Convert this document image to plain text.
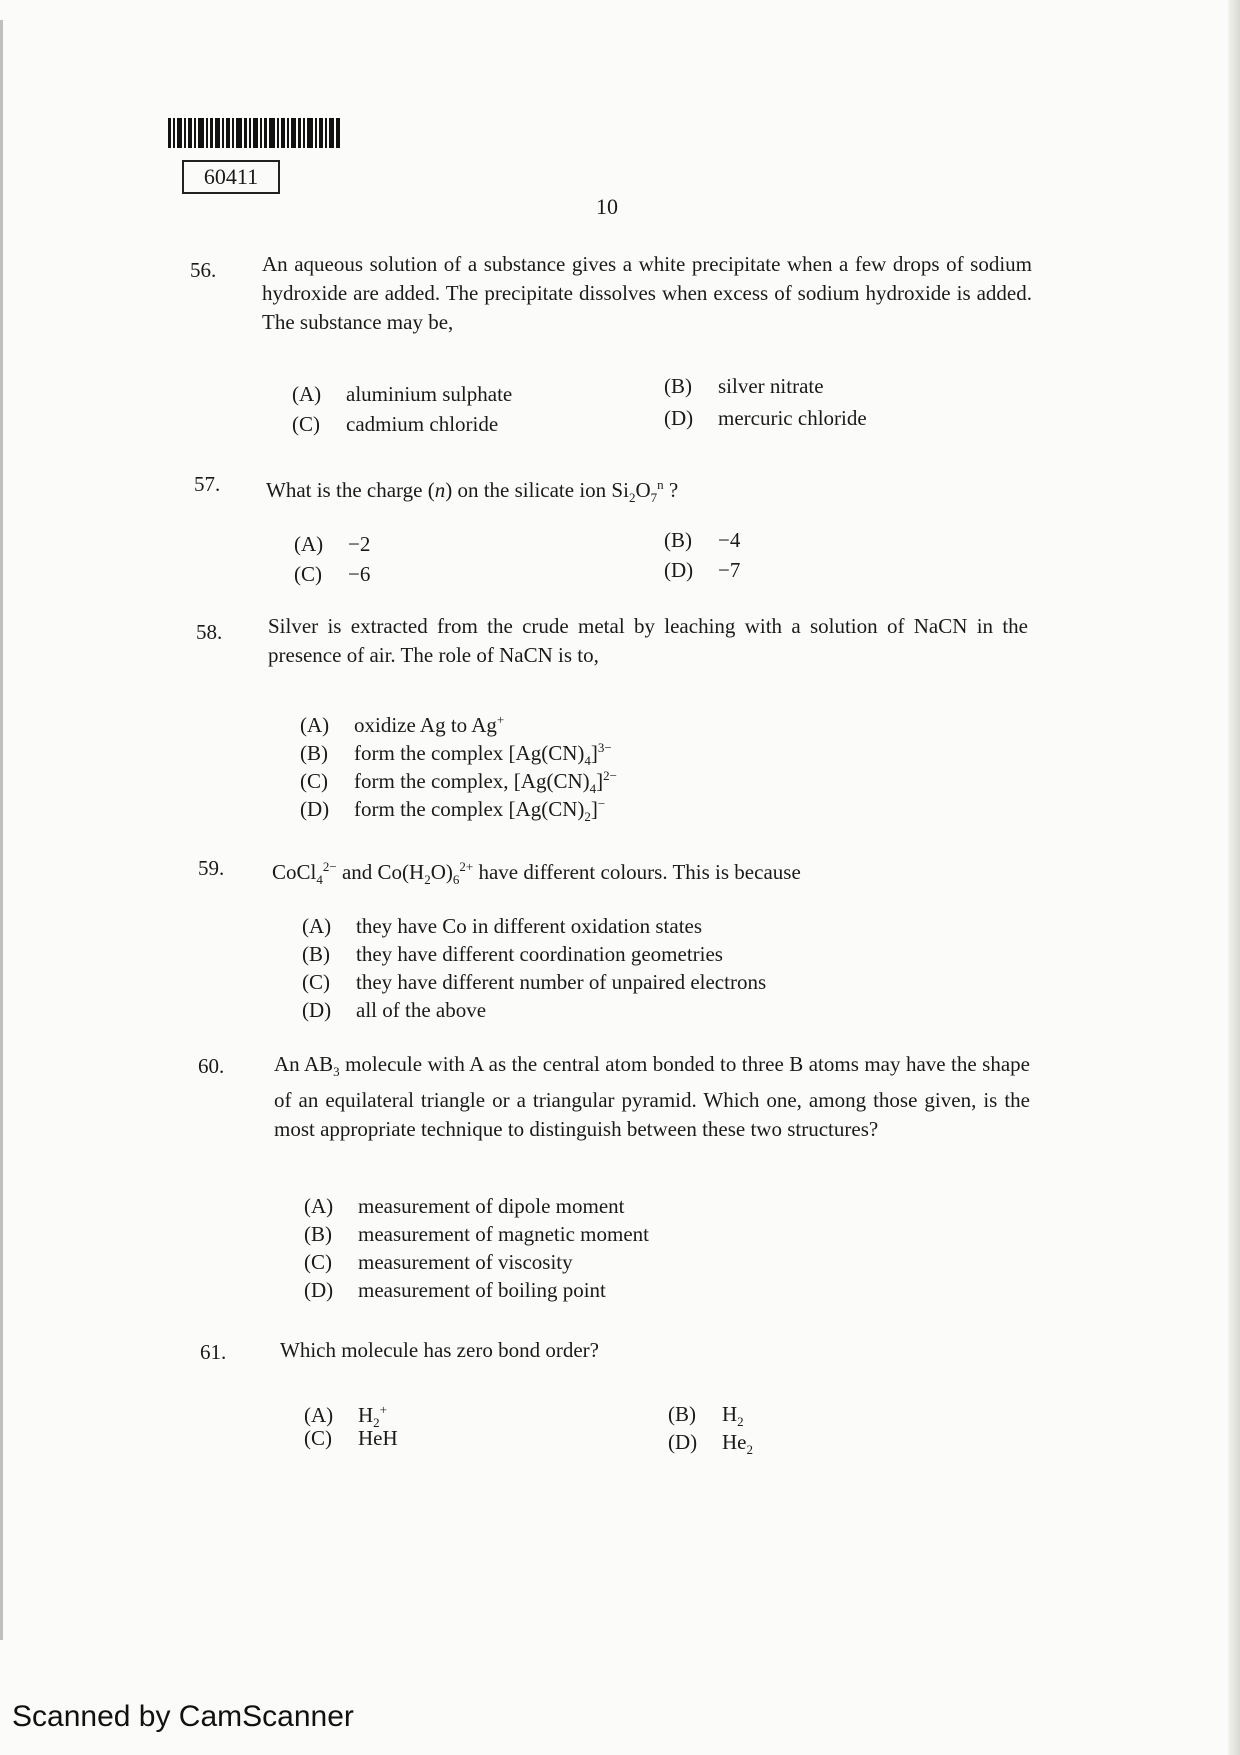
60411
10
56. An aqueous solution of a substance gives a white precipitate when a few drops of sodium hydroxide are added. The precipitate dissolves when excess of sodium hydroxide is added. The substance may be,
(A) aluminium sulphate	(B) silver nitrate
(C) cadmium chloride	(D) mercuric chloride
57. What is the charge (n) on the silicate ion $Si_2O_7^n$ ?
(A) −2	(B) −4
(C) −6	(D) −7
58. Silver is extracted from the crude metal by leaching with a solution of NaCN in the presence of air. The role of NaCN is to,
(A) oxidize Ag to Ag+
(B) form the complex $[Ag(CN)_4]^{3-}$
(C) form the complex, $[Ag(CN)_4]^{2-}$
(D) form the complex $[Ag(CN)_2]^-$
59. CoCl$_4^{2-}$ and $Co(H_2O)_6^{2+}$ have different colours. This is because
(A) they have Co in different oxidation states
(B) they have different coordination geometries
(C) they have different number of unpaired electrons
(D) all of the above
60. An $AB_3$ molecule with A as the central atom bonded to three B atoms may have the shape of an equilateral triangle or a triangular pyramid. Which one, among those given, is the most appropriate technique to distinguish between these two structures?
(A) measurement of dipole moment
(B) measurement of magnetic moment
(C) measurement of viscosity
(D) measurement of boiling point
61.	Which molecule has zero bond order?
(A) $H_2^+$	(B) $H_2$
(C) HeH	(D) $He_2$
Scanned by CamScanner
